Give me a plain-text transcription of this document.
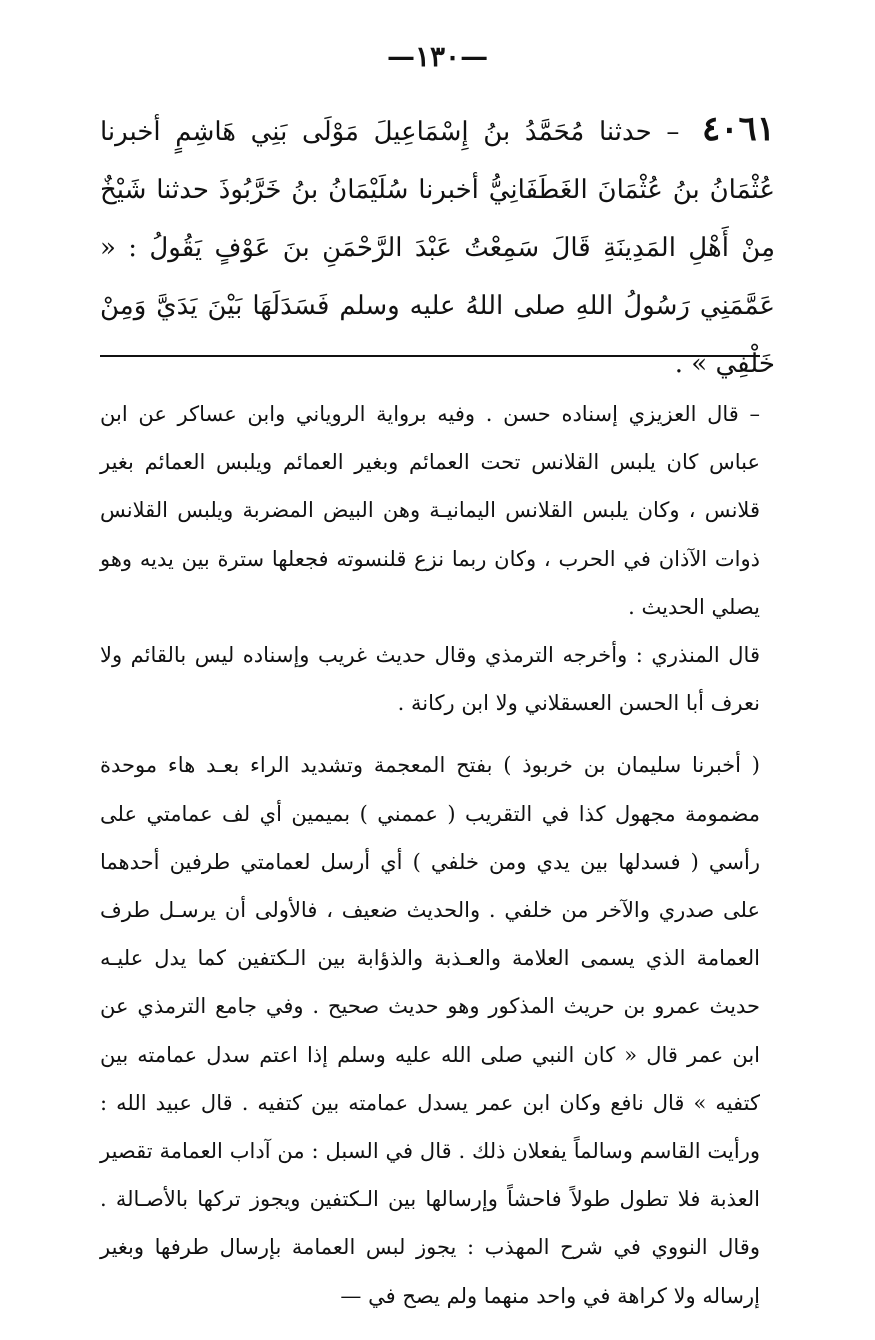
—١٣٠—
٤٠٦١ – حدثنا مُحَمَّدُ بنُ إِسْمَاعِيلَ مَوْلَى بَنِي هَاشِمٍ أخبرنا عُثْمَانُ بنُ عُثْمَانَ الغَطَفَانِيُّ أخبرنا سُلَيْمَانُ بنُ خَرَّبُوذَ حدثنا شَيْخٌ مِنْ أَهْلِ المَدِينَةِ قَالَ سَمِعْتُ عَبْدَ الرَّحْمَنِ بنَ عَوْفٍ يَقُولُ : « عَمَّمَنِي رَسُولُ اللهِ صلى اللهُ عليه وسلم فَسَدَلَهَا بَيْنَ يَدَيَّ وَمِنْ خَلْفِي » .

– قال العزيزي إسناده حسن . وفيه برواية الروياني وابن عساكر عن ابن عباس كان يلبس القلانس تحت العمائم وبغير العمائم ويلبس العمائم بغير قلانس ، وكان يلبس القلانس اليمانيـة وهن البيض المضربة ويلبس القلانس ذوات الآذان في الحرب ، وكان ربما نزع قلنسوته فجعلها سترة بين يديه وهو يصلي الحديث .

قال المنذري : وأخرجه الترمذي وقال حديث غريب وإسناده ليس بالقائم ولا نعرف أبا الحسن العسقلاني ولا ابن ركانة .

( أخبرنا سليمان بن خربوذ ) بفتح المعجمة وتشديد الراء بعـد هاء موحدة مضمومة مجهول كذا في التقريب ( عممني ) بميمين أي لف عمامتي على رأسي ( فسدلها بين يدي ومن خلفي ) أي أرسل لعمامتي طرفين أحدهما على صدري والآخر من خلفي . والحديث ضعيف ، فالأولى أن يرسـل طرف العمامة الذي يسمى العلامة والعـذبة والذؤابة بين الـكتفين كما يدل عليـه حديث عمرو بن حريث المذكور وهو حديث صحيح . وفي جامع الترمذي عن ابن عمر قال « كان النبي صلى الله عليه وسلم إذا اعتم سدل عمامته بين كتفيه » قال نافع وكان ابن عمر يسدل عمامته بين كتفيه . قال عبيد الله : ورأيت القاسم وسالماً يفعلان ذلك . قال في السبل : من آداب العمامة تقصير العذبة فلا تطول طولاً فاحشاً وإرسالها بين الـكتفين ويجوز تركها بالأصـالة . وقال النووي في شرح المهذب : يجوز لبس العمامة بإرسال طرفها وبغير إرساله ولا كراهة في واحد منهما ولم يصح في —
